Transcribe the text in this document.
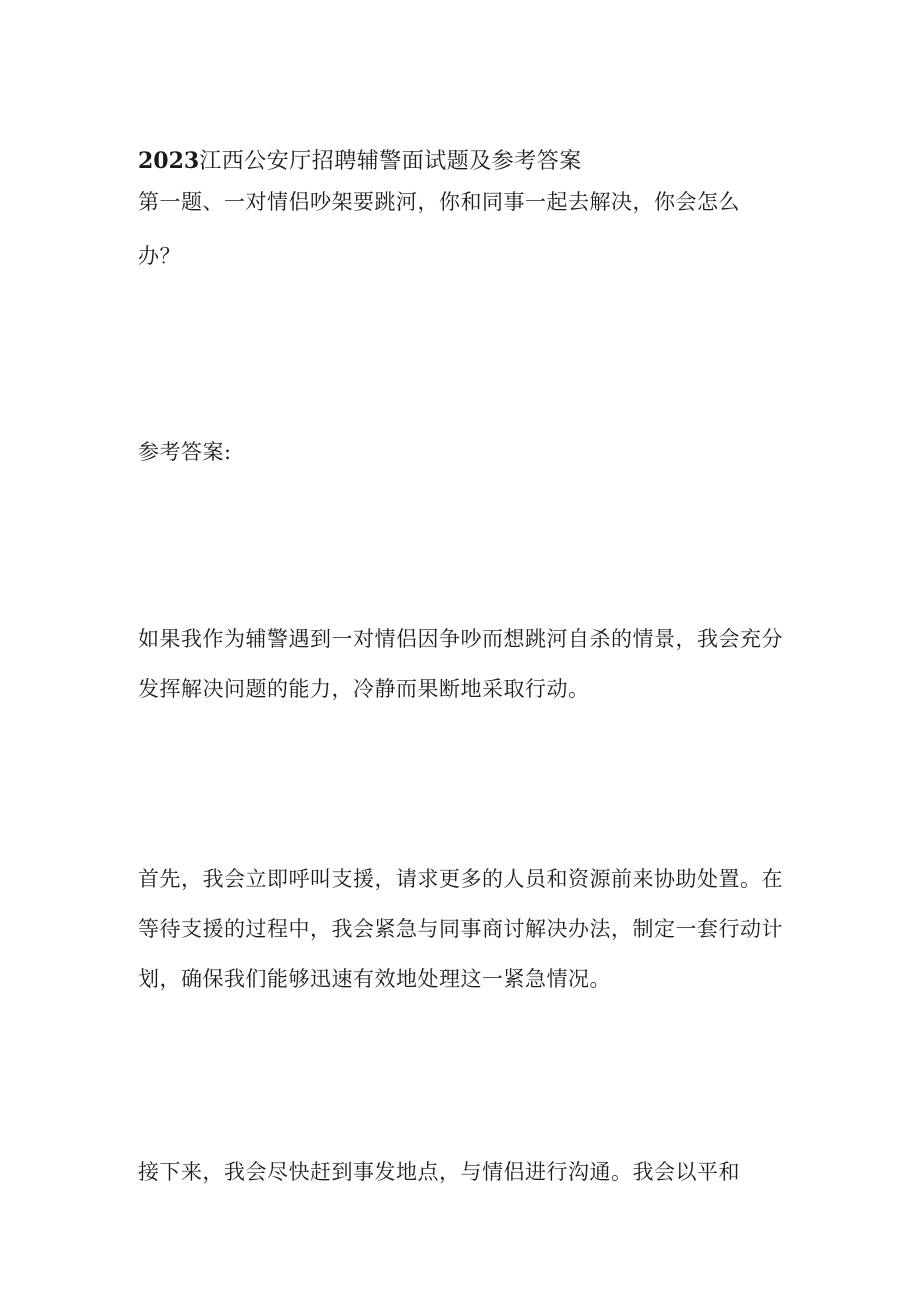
2023江西公安厅招聘辅警面试题及参考答案
第一题、一对情侣吵架要跳河，你和同事一起去解决，你会怎么
办？
参考答案:
如果我作为辅警遇到一对情侣因争吵而想跳河自杀的情景，我会充分
发挥解决问题的能力，冷静而果断地采取行动。
首先，我会立即呼叫支援，请求更多的人员和资源前来协助处置。在
等待支援的过程中，我会紧急与同事商讨解决办法，制定一套行动计
划，确保我们能够迅速有效地处理这一紧急情况。
接下来，我会尽快赶到事发地点，与情侣进行沟通。我会以平和
